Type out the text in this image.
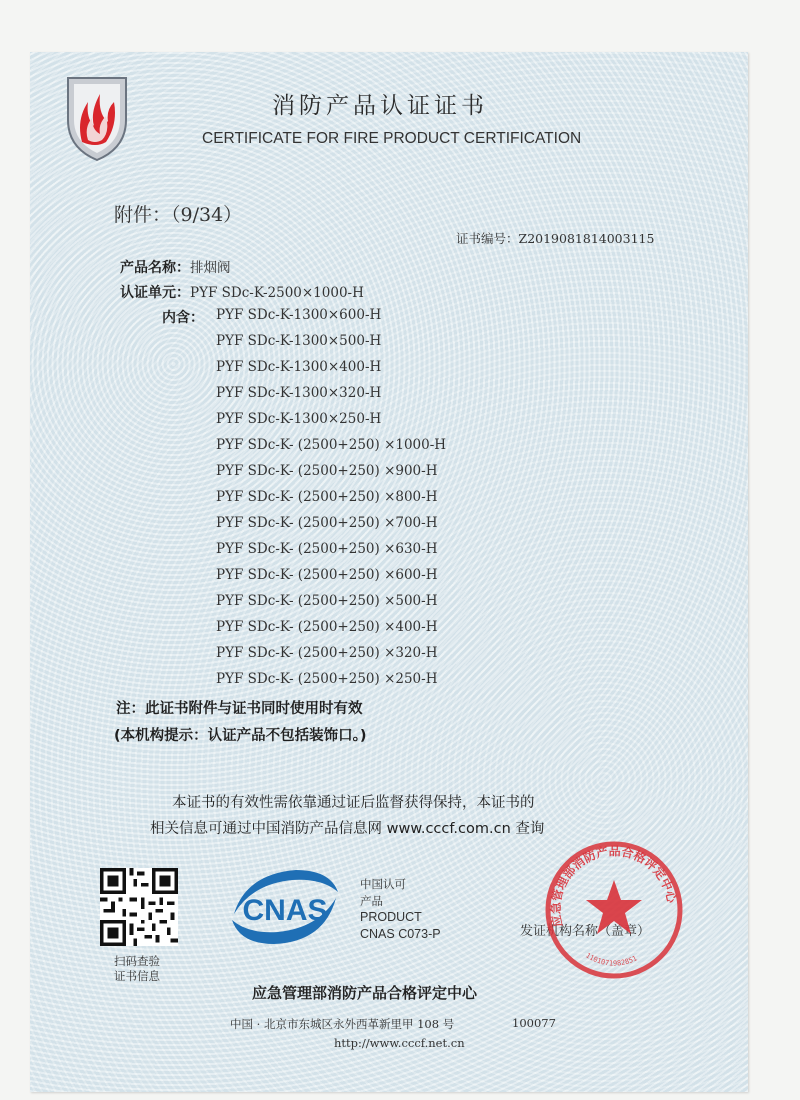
消防产品认证证书
CERTIFICATE FOR FIRE PRODUCT CERTIFICATION
附件：（9/34）
证书编号：Z2019081814003115
产品名称：排烟阀
认证单元：PYF SDc-K-2500×1000-H
内含： PYF SDc-K-1300×600-H
PYF SDc-K-1300×500-H
PYF SDc-K-1300×400-H
PYF SDc-K-1300×320-H
PYF SDc-K-1300×250-H
PYF SDc-K- (2500+250) ×1000-H
PYF SDc-K- (2500+250) ×900-H
PYF SDc-K- (2500+250) ×800-H
PYF SDc-K- (2500+250) ×700-H
PYF SDc-K- (2500+250) ×630-H
PYF SDc-K- (2500+250) ×600-H
PYF SDc-K- (2500+250) ×500-H
PYF SDc-K- (2500+250) ×400-H
PYF SDc-K- (2500+250) ×320-H
PYF SDc-K- (2500+250) ×250-H
注：此证书附件与证书同时使用时有效
(本机构提示：认证产品不包括装饰口。)
本证书的有效性需依靠通过证后监督获得保持，本证书的
相关信息可通过中国消防产品信息网 www.cccf.com.cn 查询
扫码查验
证书信息
CNAS
中国认可
产品
PRODUCT
CNAS C073-P	发证机构名称（盖章）
应急管理部消防产品合格评定中心
1101071982851
应急管理部消防产品合格评定中心
中国 · 北京市东城区永外西革新里甲 108 号	100077
http://www.cccf.net.cn
